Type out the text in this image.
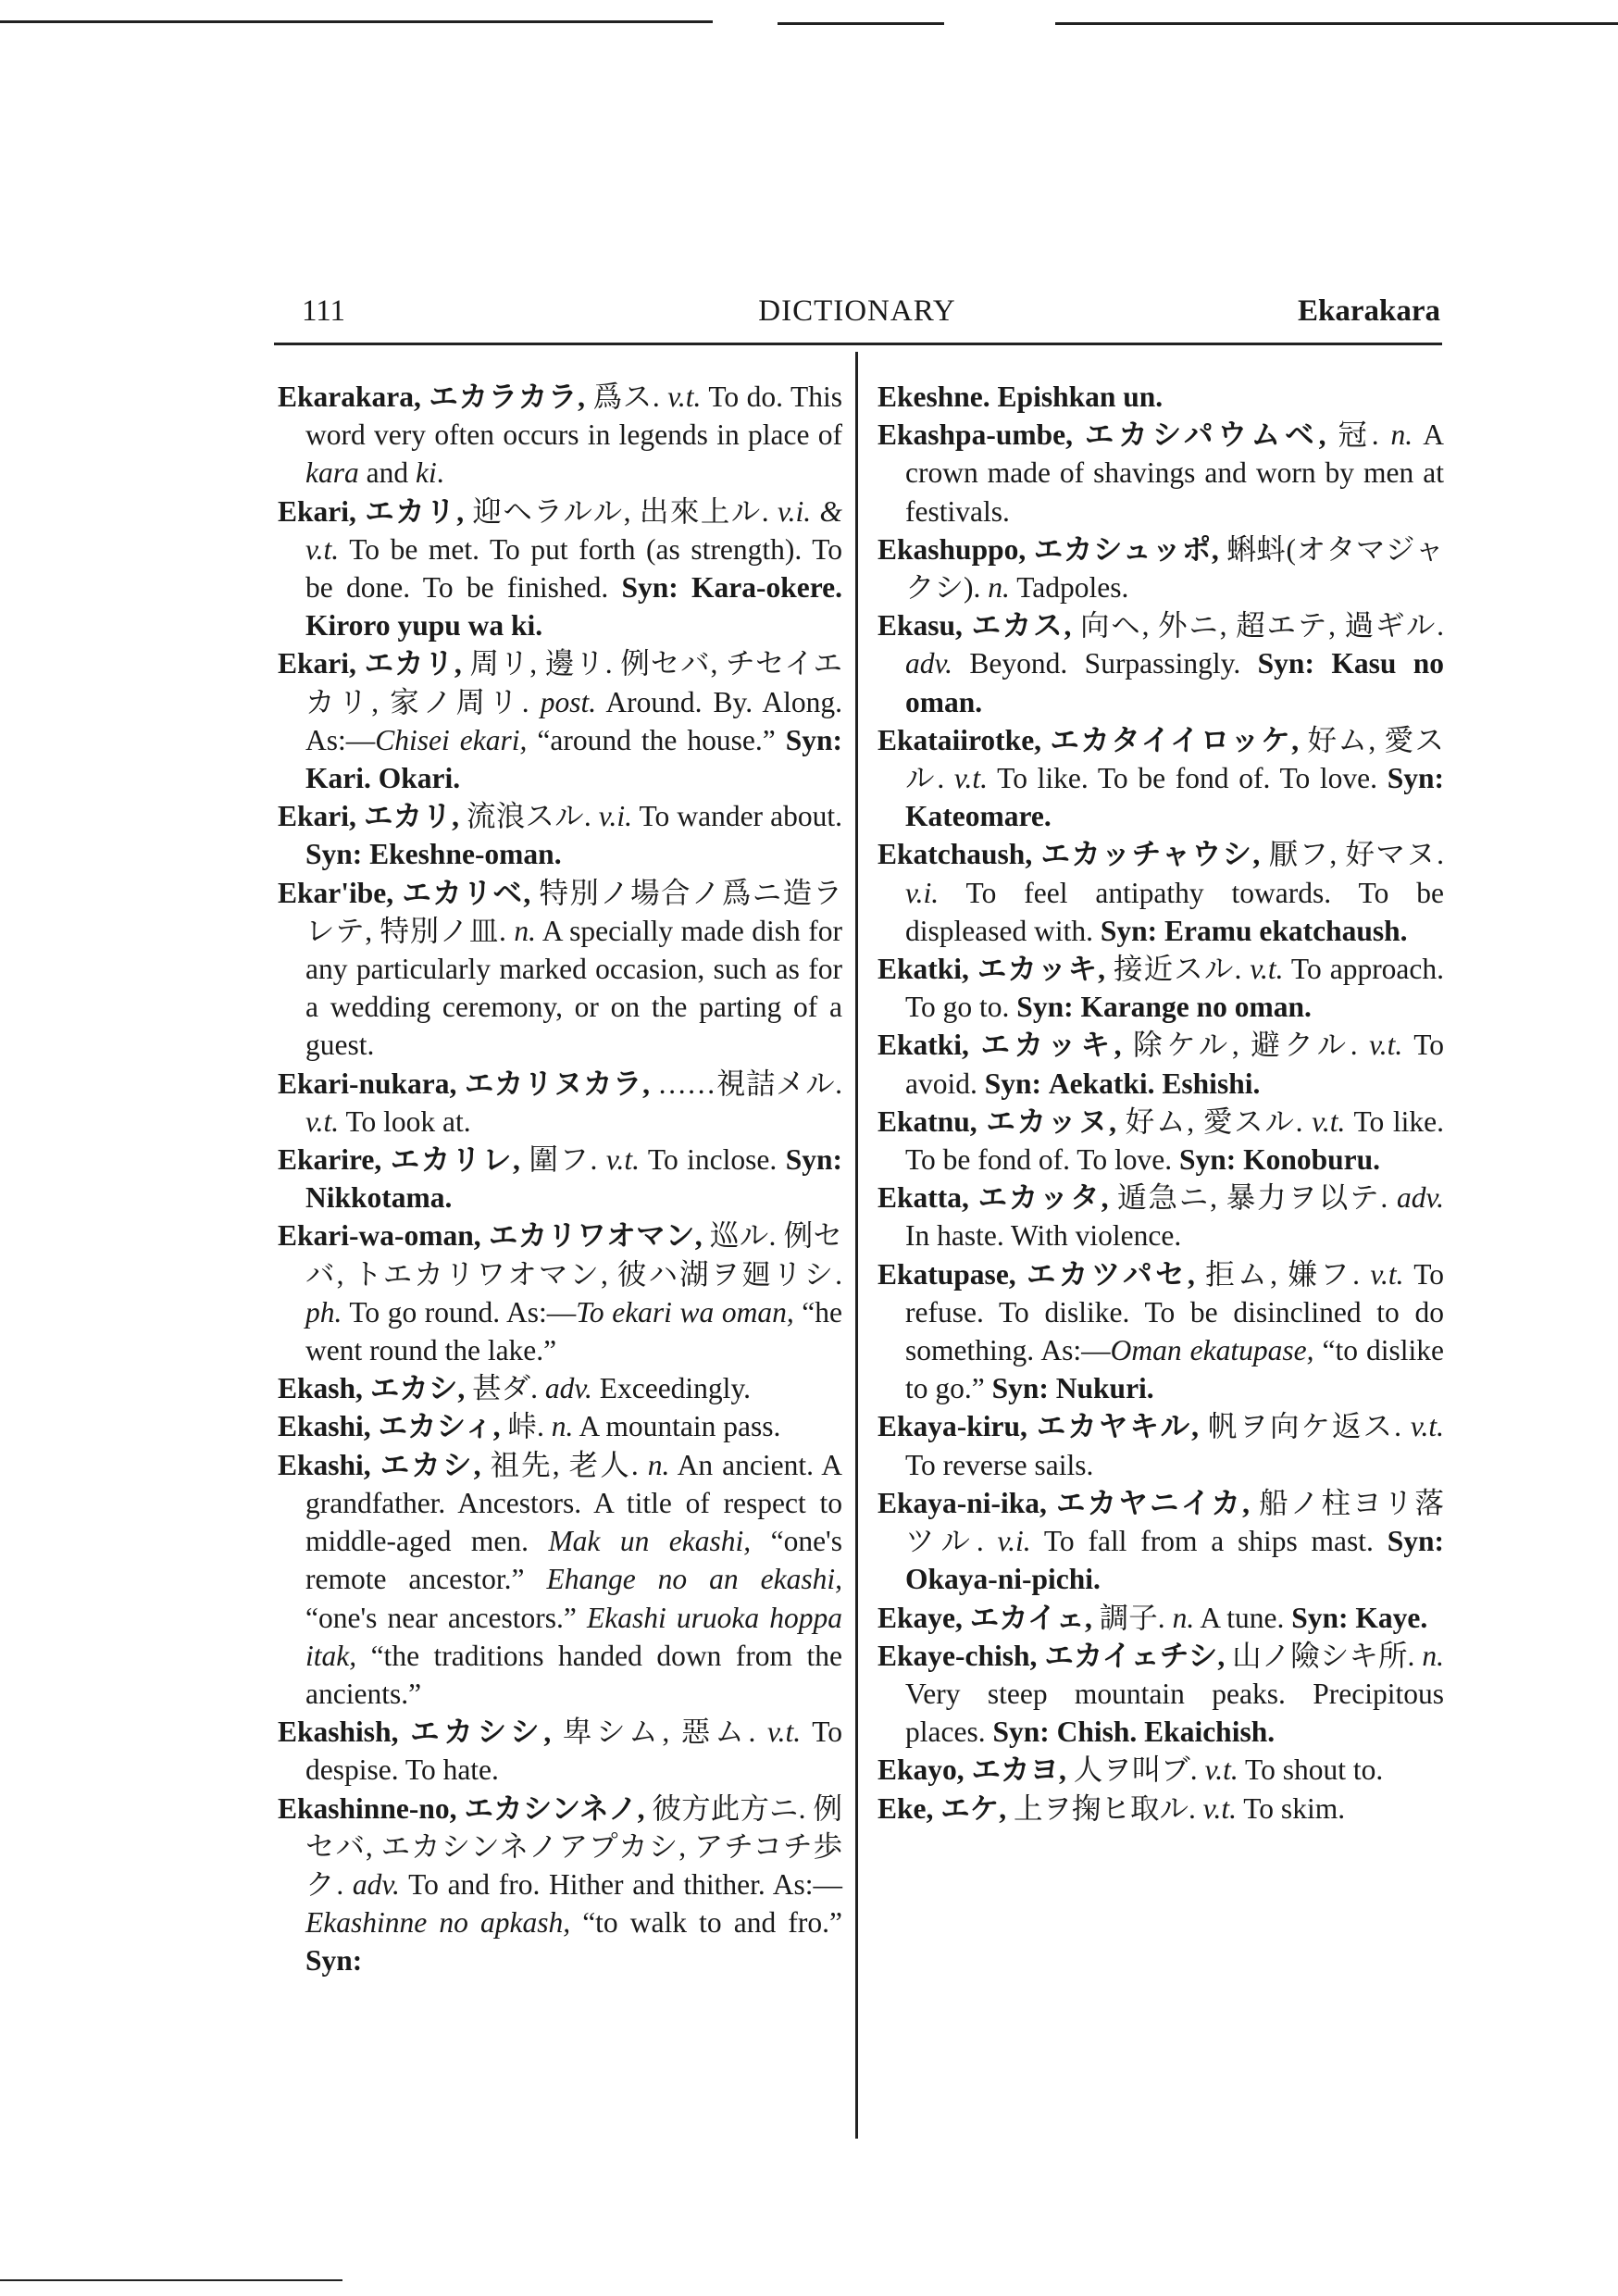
111	DICTIONARY	Ekarakara

Ekarakara, エカラカラ, 爲ス. v.t. To do. This word very often occurs in legends in place of kara and ki.

Ekari, エカリ, 迎ヘラルル, 出來上ル. v.i. & v.t. To be met. To put forth (as strength). To be done. To be finished. Syn: Kara-okere. Kiroro yupu wa ki.

Ekari, エカリ, 周リ, 邊リ. 例セバ, チセイエカリ, 家ノ周リ. post. Around. By. Along. As:—Chisei ekari, “around the house.” Syn: Kari. Okari.

Ekari, エカリ, 流浪スル. v.i. To wander about. Syn: Ekeshne-oman.

Ekar'ibe, エカリベ, 特別ノ場合ノ爲ニ造ラレテ, 特別ノ皿. n. A specially made dish for any particularly marked occasion, such as for a wedding ceremony, or on the parting of a guest.

Ekari-nukara, エカリヌカラ, ……視詰メル. v.t. To look at.

Ekarire, エカリレ, 圍フ. v.t. To inclose. Syn: Nikkotama.

Ekari-wa-oman, エカリワオマン, 巡ル. 例セバ, トエカリワオマン, 彼ハ湖ヲ廻リシ. ph. To go round. As:—To ekari wa oman, “he went round the lake.”

Ekash, エカシ, 甚ダ. adv. Exceedingly.

Ekashi, エカシィ, 峠. n. A mountain pass.

Ekashi, エカシ, 祖先, 老人. n. An ancient. A grandfather. Ancestors. A title of respect to middle-aged men. Mak un ekashi, “one's remote ancestor.” Ehange no an ekashi, “one's near ancestors.” Ekashi uruoka hoppa itak, “the traditions handed down from the ancients.”

Ekashish, エカシシ, 卑シム, 惡ム. v.t. To despise. To hate.

Ekashinne-no, エカシンネノ, 彼方此方ニ. 例セバ, エカシンネノアプカシ, アチコチ歩ク. adv. To and fro. Hither and thither. As:—Ekashinne no apkash, “to walk to and fro.” Syn:

Ekeshne. Epishkan un.

Ekashpa-umbe, エカシパウムベ, 冠. n. A crown made of shavings and worn by men at festivals.

Ekashuppo, エカシュッポ, 蝌蚪(オタマジャクシ). n. Tadpoles.

Ekasu, エカス, 向ヘ, 外ニ, 超エテ, 過ギル. adv. Beyond. Surpassingly. Syn: Kasu no oman.

Ekataiirotke, エカタイイロッケ, 好ム, 愛スル. v.t. To like. To be fond of. To love. Syn: Kateomare.

Ekatchaush, エカッチャウシ, 厭フ, 好マヌ. v.i. To feel antipathy towards. To be displeased with. Syn: Eramu ekatchaush.

Ekatki, エカッキ, 接近スル. v.t. To approach. To go to. Syn: Karange no oman.

Ekatki, エカッキ, 除ケル, 避クル. v.t. To avoid. Syn: Aekatki. Eshishi.

Ekatnu, エカッヌ, 好ム, 愛スル. v.t. To like. To be fond of. To love. Syn: Konoburu.

Ekatta, エカッタ, 遁急ニ, 暴力ヲ以テ. adv. In haste. With violence.

Ekatupase, エカツパセ, 拒ム, 嫌フ. v.t. To refuse. To dislike. To be disinclined to do something. As:—Oman ekatupase, “to dislike to go.” Syn: Nukuri.

Ekaya-kiru, エカヤキル, 帆ヲ向ケ返ス. v.t. To reverse sails.

Ekaya-ni-ika, エカヤニイカ, 船ノ柱ヨリ落ツル. v.i. To fall from a ships mast. Syn: Okaya-ni-pichi.

Ekaye, エカイェ, 調子. n. A tune. Syn: Kaye.

Ekaye-chish, エカイェチシ, 山ノ險シキ所. n. Very steep mountain peaks. Precipitous places. Syn: Chish. Ekaichish.

Ekayo, エカヨ, 人ヲ叫ブ. v.t. To shout to.

Eke, エケ, 上ヲ掬ヒ取ル. v.t. To skim.
